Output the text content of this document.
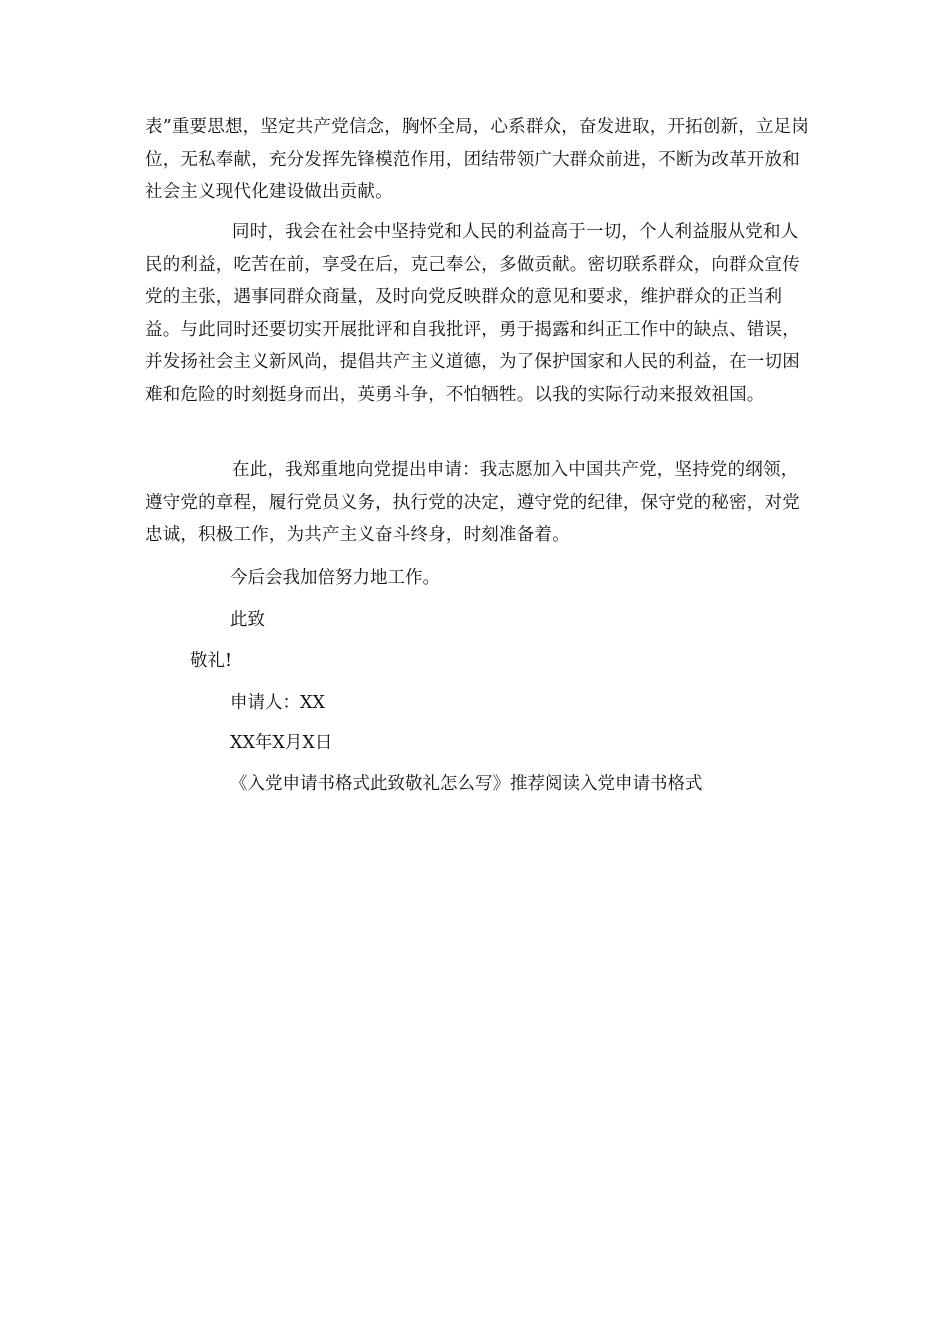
表”重要思想，坚定共产党信念，胸怀全局，心系群众，奋发进取，开拓创新，立足岗位，无私奉献，充分发挥先锋模范作用，团结带领广大群众前进，不断为改革开放和社会主义现代化建设做出贡献。

同时，我会在社会中坚持党和人民的利益高于一切，个人利益服从党和人民的利益，吃苦在前，享受在后，克己奉公，多做贡献。密切联系群众，向群众宣传党的主张，遇事同群众商量，及时向党反映群众的意见和要求，维护群众的正当利益。与此同时还要切实开展批评和自我批评，勇于揭露和纠正工作中的缺点、错误，并发扬社会主义新风尚，提倡共产主义道德，为了保护国家和人民的利益，在一切困难和危险的时刻挺身而出，英勇斗争，不怕牺牲。以我的实际行动来报效祖国。

在此，我郑重地向党提出申请：我志愿加入中国共产党，坚持党的纲领，遵守党的章程，履行党员义务，执行党的决定，遵守党的纪律，保守党的秘密，对党忠诚，积极工作，为共产主义奋斗终身，时刻准备着。

今后会我加倍努力地工作。

此致

敬礼!

申请人：XX

XX年X月X日

《入党申请书格式此致敬礼怎么写》推荐阅读入党申请书格式
